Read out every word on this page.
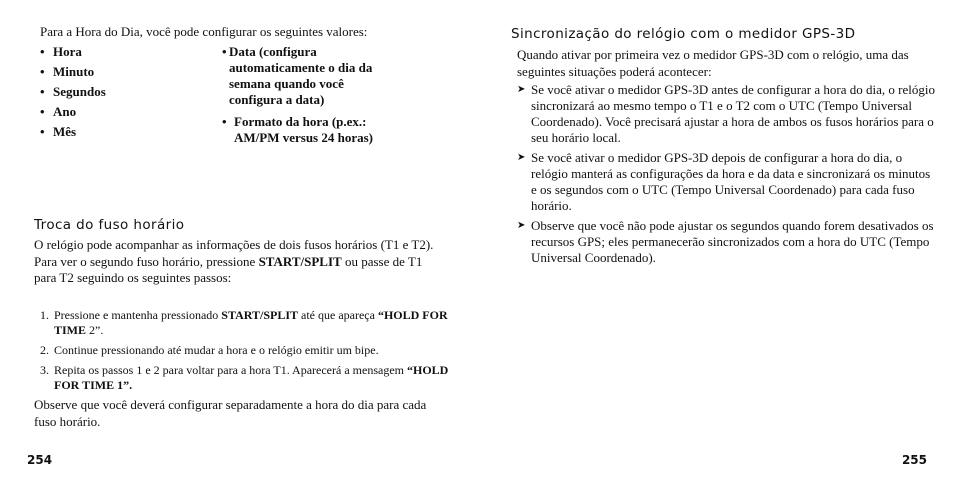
Para a Hora do Dia, você pode configurar os seguintes valores:

• Hora
• Minuto
• Segundos
• Ano
• Mês
• Data (configura automaticamente o dia da semana quando você configura a data)
• Formato da hora (p.ex.: AM/PM versus 24 horas)
Troca do fuso horário

O relógio pode acompanhar as informações de dois fusos horários (T1 e T2). Para ver o segundo fuso horário, pressione START/SPLIT ou passe de T1 para T2 seguindo os seguintes passos:

1. Pressione e mantenha pressionado START/SPLIT até que apareça “HOLD FOR TIME 2”.
2. Continue pressionando até mudar a hora e o relógio emitir um bipe.
3. Repita os passos 1 e 2 para voltar para a hora T1. Aparecerá a mensagem “HOLD FOR TIME 1”.

Observe que você deverá configurar separadamente a hora do dia para cada fuso horário.

254
Sincronização do relógio com o medidor GPS-3D

Quando ativar por primeira vez o medidor GPS-3D com o relógio, uma das seguintes situações poderá acontecer:

➤ Se você ativar o medidor GPS-3D antes de configurar a hora do dia, o relógio sincronizará ao mesmo tempo o T1 e o T2 com o UTC (Tempo Universal Coordenado). Você precisará ajustar a hora de ambos os fusos horários para o seu horário local.
➤ Se você ativar o medidor GPS-3D depois de configurar a hora do dia, o relógio manterá as configurações da hora e da data e sincronizará os minutos e os segundos com o UTC (Tempo Universal Coordenado) para cada fuso horário.
➤ Observe que você não pode ajustar os segundos quando forem desativados os recursos GPS; eles permanecerão sincronizados com a hora do UTC (Tempo Universal Coordenado).
255
